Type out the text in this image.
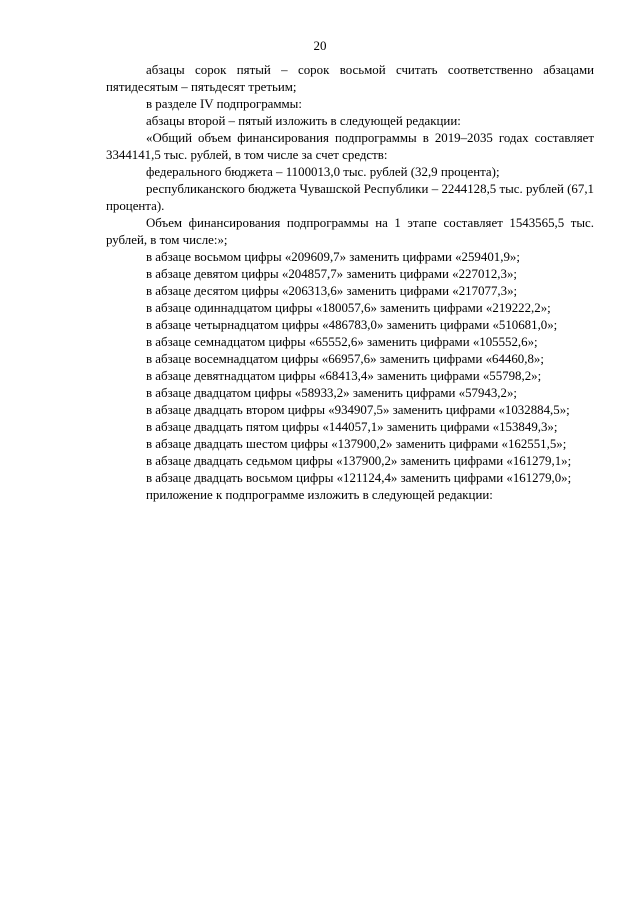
20

абзацы сорок пятый – сорок восьмой считать соответственно абзацами пятидесятым – пятьдесят третьим;

в разделе IV подпрограммы:

абзацы второй – пятый изложить в следующей редакции:

«Общий объем финансирования подпрограммы в 2019–2035 годах составляет 3344141,5 тыс. рублей, в том числе за счет средств:

федерального бюджета – 1100013,0 тыс. рублей (32,9 процента);

республиканского бюджета Чувашской Республики – 2244128,5 тыс. рублей (67,1 процента).

Объем финансирования подпрограммы на 1 этапе составляет 1543565,5 тыс. рублей, в том числе:»;

в абзаце восьмом цифры «209609,7» заменить цифрами «259401,9»;

в абзаце девятом цифры «204857,7» заменить цифрами «227012,3»;

в абзаце десятом цифры «206313,6» заменить цифрами «217077,3»;

в абзаце одиннадцатом цифры «180057,6» заменить цифрами «219222,2»;

в абзаце четырнадцатом цифры «486783,0» заменить цифрами «510681,0»;

в абзаце семнадцатом цифры «65552,6» заменить цифрами «105552,6»;

в абзаце восемнадцатом цифры «66957,6» заменить цифрами «64460,8»;

в абзаце девятнадцатом цифры «68413,4» заменить цифрами «55798,2»;

в абзаце двадцатом цифры «58933,2» заменить цифрами «57943,2»;

в абзаце двадцать втором цифры «934907,5» заменить цифрами «1032884,5»;

в абзаце двадцать пятом цифры «144057,1» заменить цифрами «153849,3»;

в абзаце двадцать шестом цифры «137900,2» заменить цифрами «162551,5»;

в абзаце двадцать седьмом цифры «137900,2» заменить цифрами «161279,1»;

в абзаце двадцать восьмом цифры «121124,4» заменить цифрами «161279,0»;

приложение к подпрограмме изложить в следующей редакции:
